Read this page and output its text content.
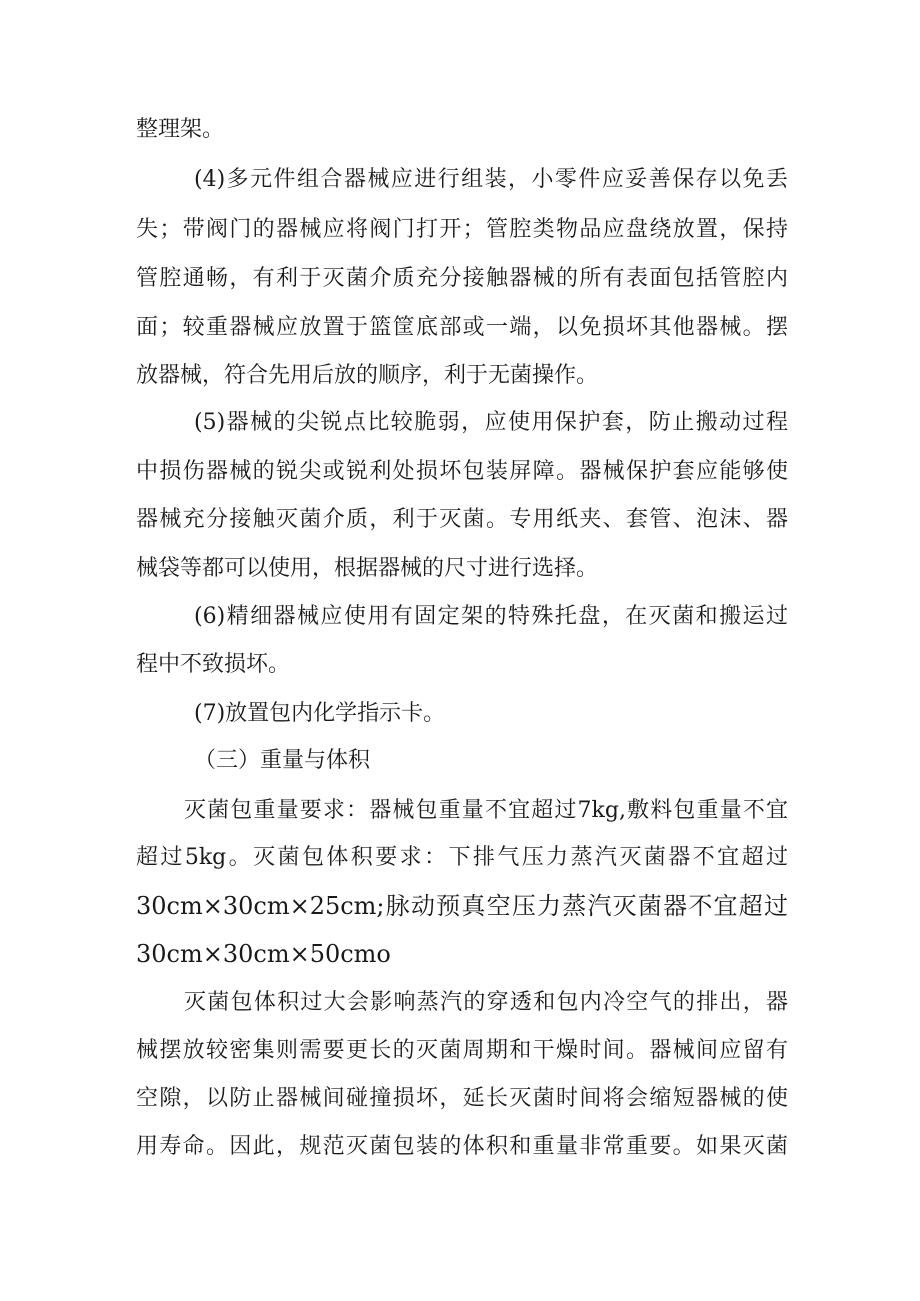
整理架。
(4)多元件组合器械应进行组装，小零件应妥善保存以免丢
失；带阀门的器械应将阀门打开；管腔类物品应盘绕放置，保持
管腔通畅，有利于灭菌介质充分接触器械的所有表面包括管腔内
面；较重器械应放置于篮筐底部或一端，以免损坏其他器械。摆
放器械，符合先用后放的顺序，利于无菌操作。
(5)器械的尖锐点比较脆弱，应使用保护套，防止搬动过程
中损伤器械的锐尖或锐利处损坏包装屏障。器械保护套应能够使
器械充分接触灭菌介质，利于灭菌。专用纸夹、套管、泡沫、器
械袋等都可以使用，根据器械的尺寸进行选择。
(6)精细器械应使用有固定架的特殊托盘，在灭菌和搬运过
程中不致损坏。
(7)放置包内化学指示卡。
（三）重量与体积
灭菌包重量要求：器械包重量不宜超过7kg,敷料包重量不宜
超过5kg。灭菌包体积要求：下排气压力蒸汽灭菌器不宜超过
30cm×30cm×25cm;脉动预真空压力蒸汽灭菌器不宜超过
30cm×30cm×50cmo
灭菌包体积过大会影响蒸汽的穿透和包内冷空气的排出，器
械摆放较密集则需要更长的灭菌周期和干燥时间。器械间应留有
空隙，以防止器械间碰撞损坏，延长灭菌时间将会缩短器械的使
用寿命。因此，规范灭菌包装的体积和重量非常重要。如果灭菌
